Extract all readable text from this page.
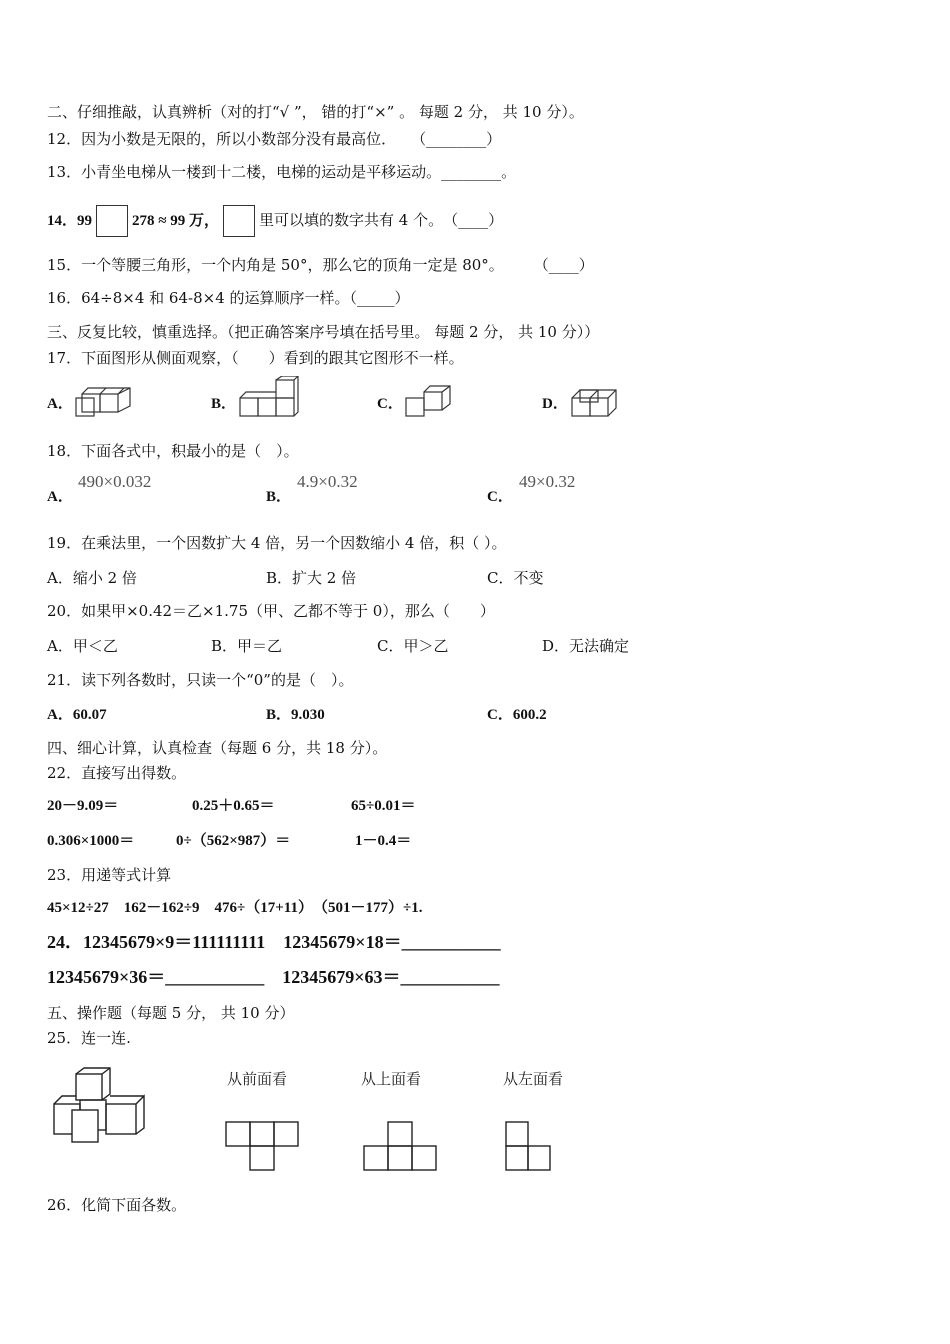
二、仔细推敲，认真辨析（对的打“√ ”， 错的打“×” 。 每题 2 分， 共 10 分）。
12．因为小数是无限的，所以小数部分没有最高位．　　（________）
13．小青坐电梯从一楼到十二楼，电梯的运动是平移运动。________。
14．99	278 ≈ 99 万，	里可以填的数字共有 4 个。　（____）
15．一个等腰三角形，一个内角是 50°，那么它的顶角一定是 80°。　　　（____）
16．64÷8×4 和 64-8×4 的运算顺序一样。（_____）
三、反复比较，慎重选择。（把正确答案序号填在括号里。 每题 2 分， 共 10 分））
17．下面图形从侧面观察，（　　）看到的跟其它图形不一样。
A．	B．	C．	D．
18．下面各式中，积最小的是（　）。
A．
490×0.032
B．
4.9×0.32
C．
49×0.32
19．在乘法里，一个因数扩大 4 倍，另一个因数缩小 4 倍，积（ ）。
A．缩小 2 倍	B．扩大 2 倍	C．不变
20．如果甲×0.42＝乙×1.75（甲、乙都不等于 0），那么（　　）
A．甲＜乙	B．甲＝乙	C．甲＞乙	D．无法确定
21．读下列各数时，只读一个“0”的是（　）。
A．60.07	B．9.030	C．600.2
四、细心计算，认真检查（每题 6 分，共 18 分）。
22．直接写出得数。
20－9.09＝	0.25＋0.65＝	65÷0.01＝
0.306×1000＝	0÷（562×987）＝	1－0.4＝
23．用递等式计算
45×12÷27　162－162÷9　476÷（17+11）　（501－177）÷1.
24．12345679×9＝111111111　12345679×18＝___________
12345679×36＝___________　12345679×63＝___________
五、操作题（每题 5 分， 共 10 分）
25．连一连.
从前面看	从上面看	从左面看
26．化简下面各数。
